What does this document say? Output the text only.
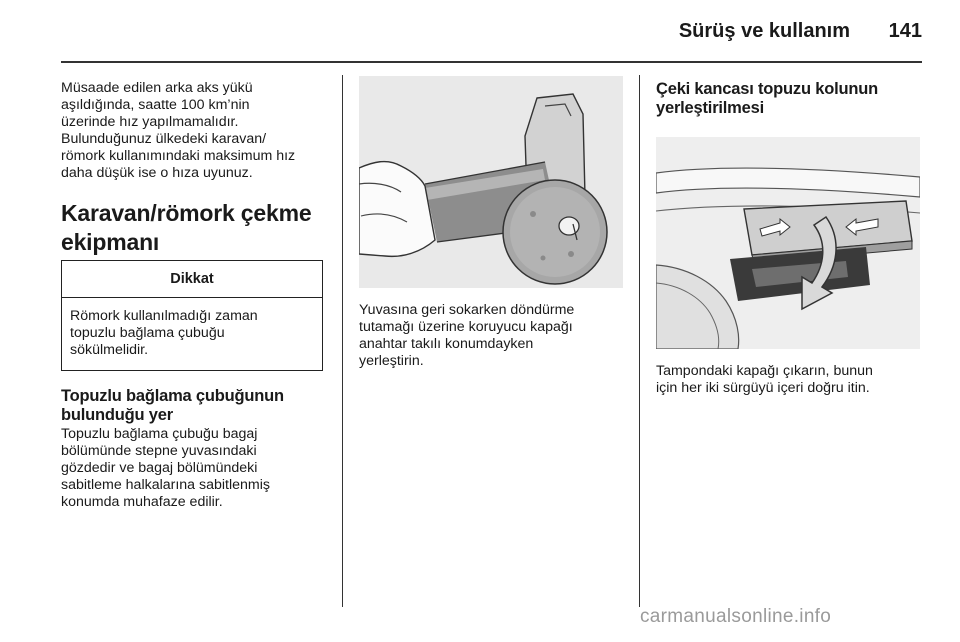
Sürüş ve kullanım	141
Müsaade edilen arka aks yükü
aşıldığında, saatte 100 km’nin
üzerinde hız yapılmamalıdır.
Bulunduğunuz ülkedeki karavan/
römork kullanımındaki maksimum hız
daha düşük ise o hıza uyunuz.
Karavan/römork çekme
ekipmanı
Dikkat
Römork kullanılmadığı zaman
topuzlu bağlama çubuğu
sökülmelidir.
Topuzlu bağlama çubuğunun
bulunduğu yer
Topuzlu bağlama çubuğu bagaj
bölümünde stepne yuvasındaki
gözdedir ve bagaj bölümündeki
sabitleme halkalarına sabitlenmiş
konumda muhafaze edilir.
Yuvasına geri sokarken döndürme
tutamağı üzerine koruyucu kapağı
anahtar takılı konumdayken
yerleştirin.
Çeki kancası topuzu kolunun
yerleştirilmesi
Tampondaki kapağı çıkarın, bunun
için her iki sürgüyü içeri doğru itin.
carmanualsonline.info
